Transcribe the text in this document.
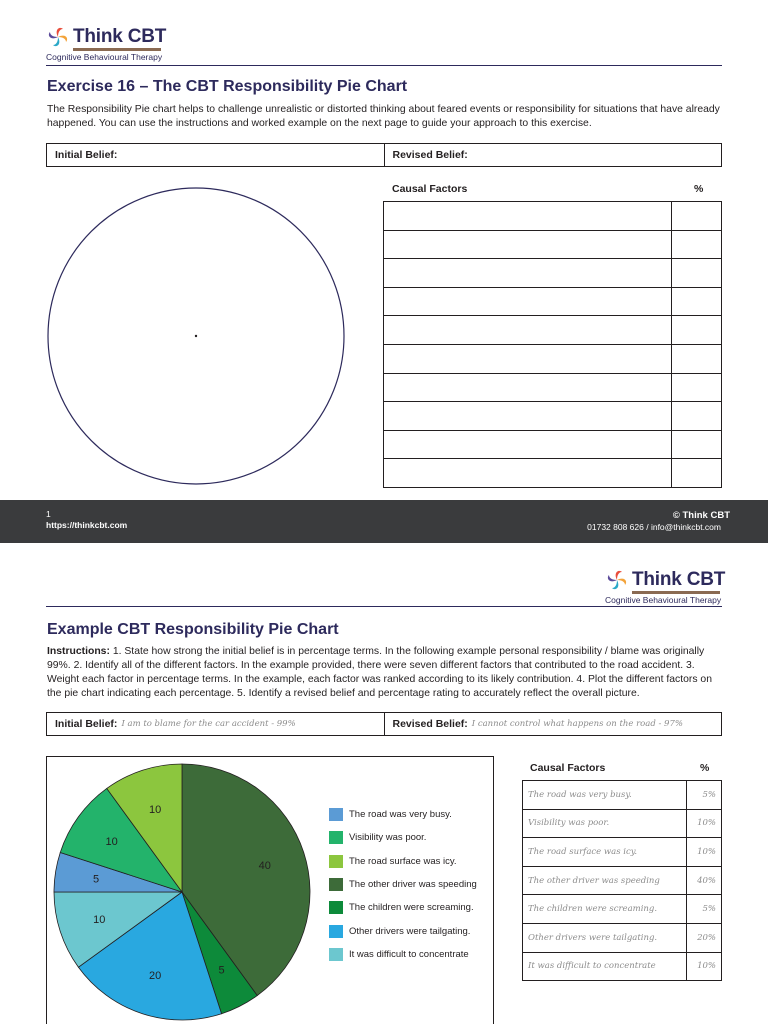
Think CBT
Cognitive Behavioural Therapy
Exercise 16 – The CBT Responsibility Pie Chart
The Responsibility Pie chart helps to challenge unrealistic or distorted thinking about feared events or responsibility for situations that have already happened. You can use the instructions and worked example on the next page to guide your approach to this exercise.
Initial Belief:	Revised Belief:
Causal Factors	%

1
https://thinkcbt.com
© Think CBT
01732 808 626 / info@thinkcbt.com
Think CBT
Cognitive Behavioural Therapy
Example CBT Responsibility Pie Chart
Instructions: 1. State how strong the initial belief is in percentage terms. In the following example personal responsibility / blame was originally 99%. 2. Identify all of the different factors. In the example provided, there were seven different factors that contributed to the road accident. 3. Weight each factor in percentage terms. In the example, each factor was ranked according to its likely contribution. 4. Plot the different factors on the pie chart indicating each percentage. 5. Identify a revised belief and percentage rating to accurately reflect the overall picture.
Initial Belief: I am to blame for the car accident - 99%	Revised Belief: I cannot control what happens on the road - 97%
40
5
20
10
5
10
10	The road was very busy.
Visibility was poor.
The road surface was icy.
The other driver was speeding
The children were screaming.
Other drivers were tailgating.
It was difficult to concentrate
Causal Factors	%
The road was very busy.	5%
Visibility was poor.	10%
The road surface was icy.	10%
The other driver was speeding	40%
The children were screaming.	5%
Other drivers were tailgating.	20%
It was difficult to concentrate	10%
